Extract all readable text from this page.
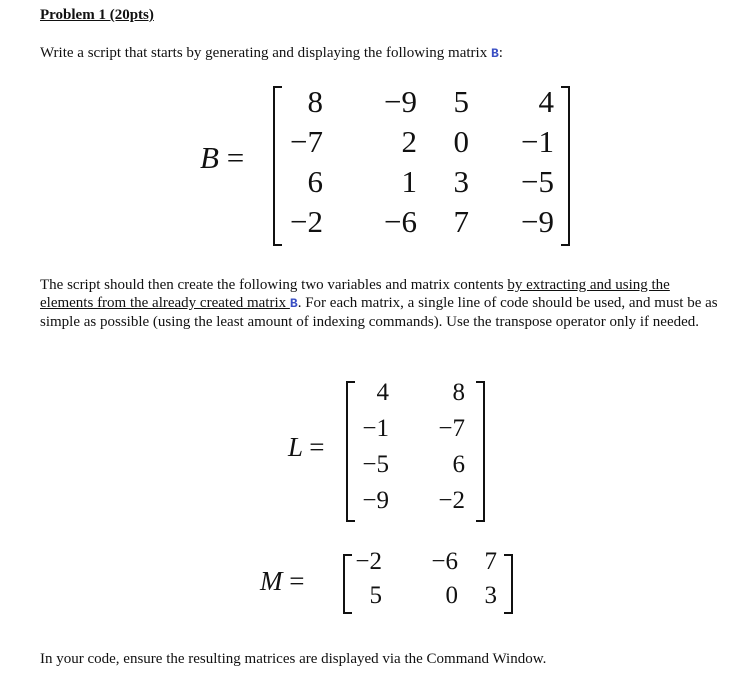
Problem 1 (20pts)
Write a script that starts by generating and displaying the following matrix B:
B =
8	−9	5	4
−7	2	0	−1
6	1	3	−5
−2	−6	7	−9
The script should then create the following two variables and matrix contents by extracting and using the elements from the already created matrix B. For each matrix, a single line of code should be used, and must be as simple as possible (using the least amount of indexing commands). Use the transpose operator only if needed.
L =
4	8
−1	−7
−5	6
−9	−2
M =
−2	−6	7
5	0	3
In your code, ensure the resulting matrices are displayed via the Command Window.
